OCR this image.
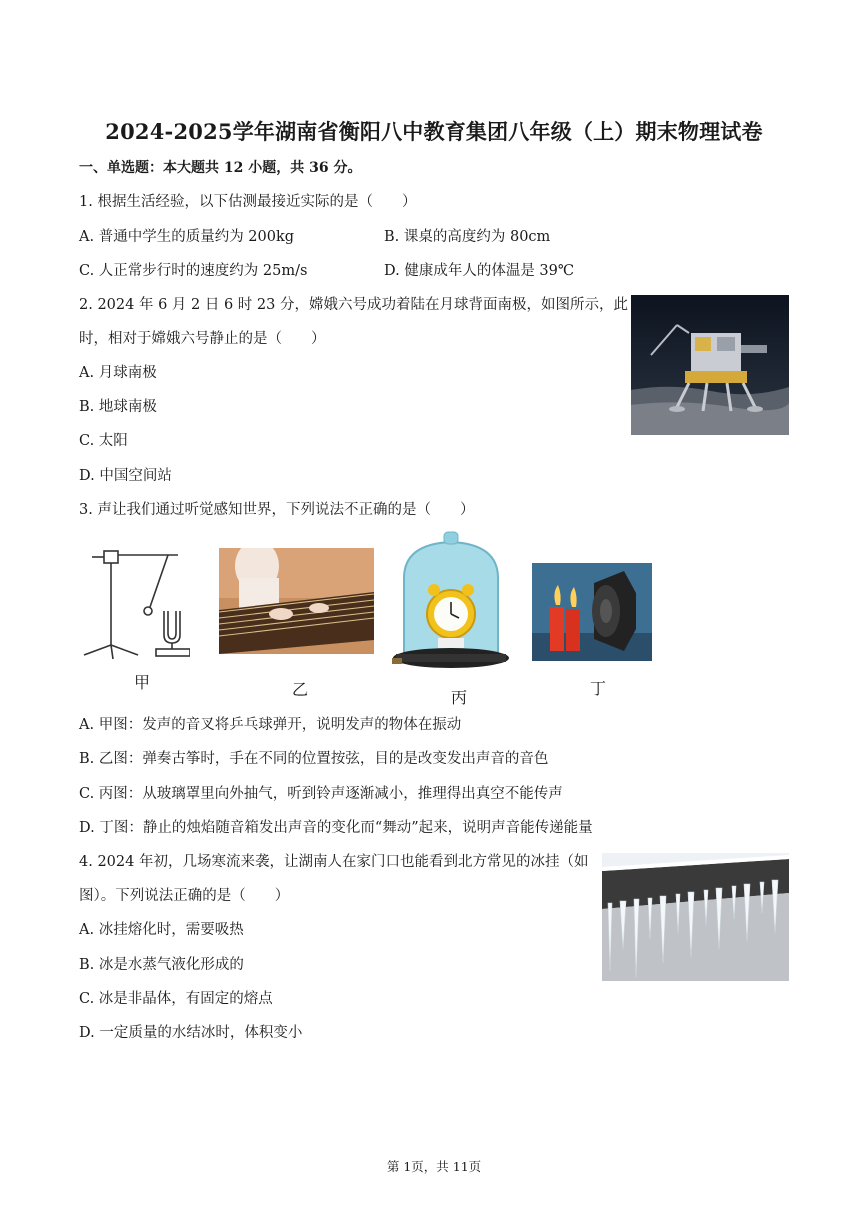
2024-2025学年湖南省衡阳八中教育集团八年级（上）期末物理试卷
一、单选题：本大题共 12 小题，共 36 分。
1. 根据生活经验，以下估测最接近实际的是（　　）
A. 普通中学生的质量约为 200kg	B. 课桌的高度约为 80cm
C. 人正常步行时的速度约为 25m/s	D. 健康成年人的体温是 39℃
2. 2024 年 6 月 2 日 6 时 23 分，嫦娥六号成功着陆在月球背面南极，如图所示，此
时，相对于嫦娥六号静止的是（　　）
A. 月球南极
B. 地球南极
C. 太阳
D. 中国空间站
3. 声让我们通过听觉感知世界，下列说法不正确的是（　　）
甲	乙	丙	丁
A. 甲图：发声的音叉将乒乓球弹开，说明发声的物体在振动
B. 乙图：弹奏古筝时，手在不同的位置按弦，目的是改变发出声音的音色
C. 丙图：从玻璃罩里向外抽气，听到铃声逐渐减小，推理得出真空不能传声
D. 丁图：静止的烛焰随音箱发出声音的变化而“舞动”起来，说明声音能传递能量
4. 2024 年初，几场寒流来袭，让湖南人在家门口也能看到北方常见的冰挂（如
图）。下列说法正确的是（　　）
A. 冰挂熔化时，需要吸热
B. 冰是水蒸气液化形成的
C. 冰是非晶体，有固定的熔点
D. 一定质量的水结冰时，体积变小
第 1页，共 11页
